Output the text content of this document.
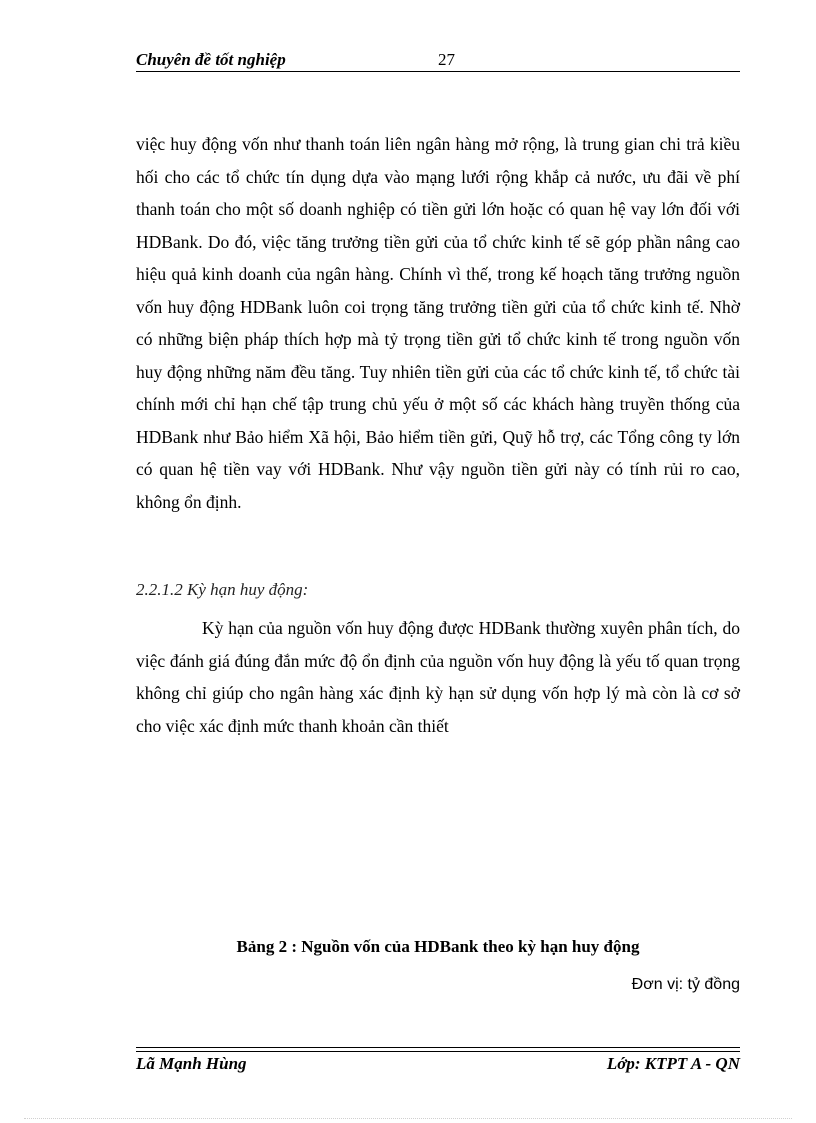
Chuyên đề tốt nghiệp	27

việc huy động vốn như thanh toán liên ngân hàng mở rộng, là trung gian chi trả kiều hối cho các tổ chức tín dụng dựa vào mạng lưới rộng khắp cả nước, ưu đãi về phí thanh toán cho một số doanh nghiệp có tiền gửi lớn hoặc có quan hệ vay lớn đối với HDBank. Do đó, việc tăng trưởng tiền gửi của tổ chức kinh tế sẽ góp phần nâng cao hiệu quả kinh doanh của ngân hàng. Chính vì thế, trong kế hoạch tăng trưởng nguồn vốn huy động HDBank luôn coi trọng tăng trưởng tiền gửi của tổ chức kinh tế. Nhờ có những biện pháp thích hợp mà tỷ trọng tiền gửi tổ chức kinh tế trong nguồn vốn huy động những năm đều tăng. Tuy nhiên tiền gửi của các tổ chức kinh tế, tổ chức tài chính mới chỉ hạn chế tập trung chủ yếu ở một số các khách hàng truyền thống của HDBank như Bảo hiểm Xã hội, Bảo hiểm tiền gửi, Quỹ hỗ trợ, các Tổng công ty lớn có quan hệ tiền vay với HDBank. Như vậy nguồn tiền gửi này có tính rủi ro cao, không ổn định.

2.2.1.2 Kỳ hạn huy động:

Kỳ hạn của nguồn vốn huy động được HDBank thường xuyên phân tích, do việc đánh giá đúng đắn mức độ ổn định của nguồn vốn huy động là yếu tố quan trọng không chỉ giúp cho ngân hàng xác định kỳ hạn sử dụng vốn hợp lý mà còn là cơ sở cho việc xác định mức thanh khoản cần thiết

Bảng 2 : Nguồn vốn của HDBank theo kỳ hạn huy động
Đơn vị: tỷ đồng
Lã Mạnh Hùng	Lớp: KTPT A - QN
